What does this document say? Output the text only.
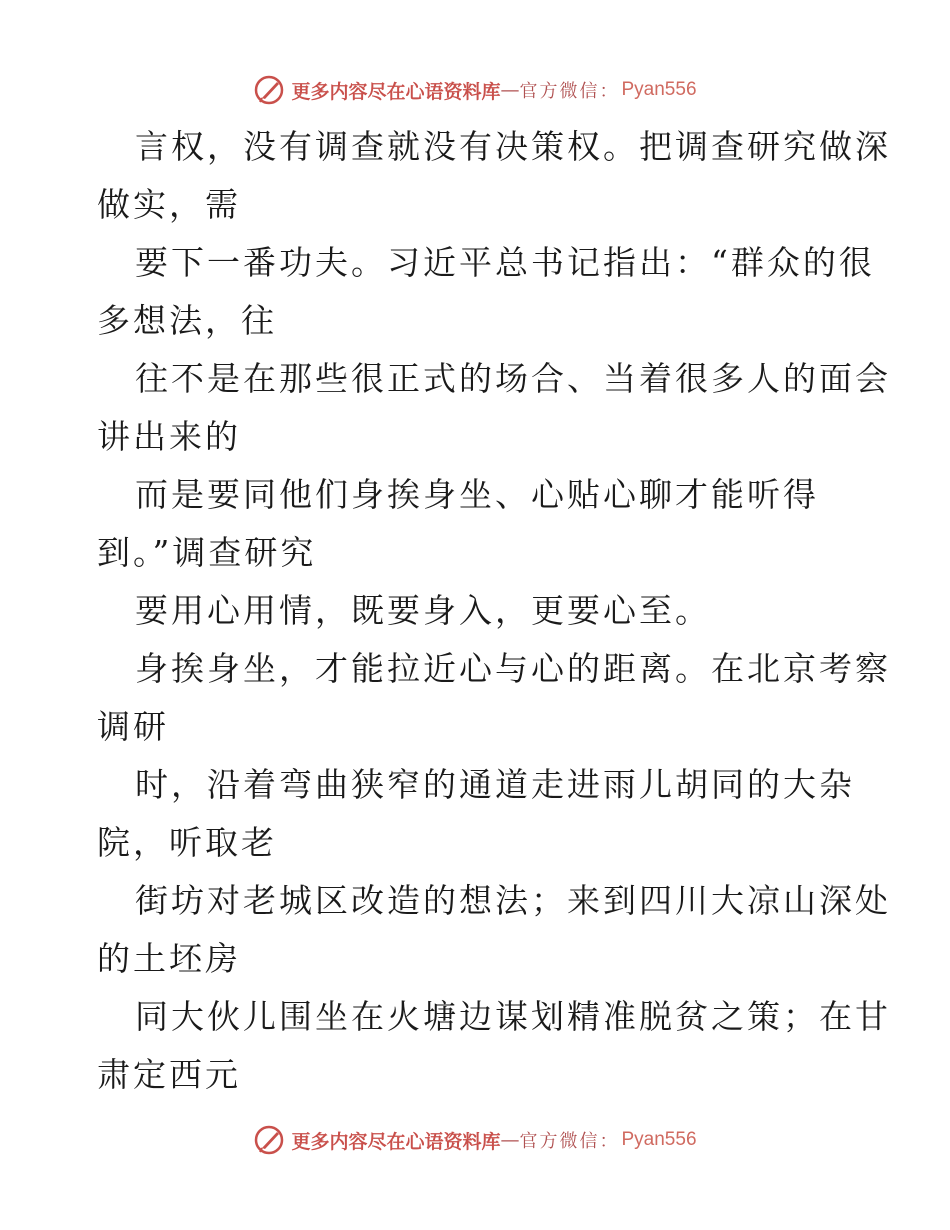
更多内容尽在心语资料库 — 官方微信： Pyan556
言权，没有调查就没有决策权。把调查研究做深
做实，需
要下一番功夫。习近平总书记指出：“群众的很
多想法，往
往不是在那些很正式的场合、当着很多人的面会
讲出来的
而是要同他们身挨身坐、心贴心聊才能听得
到。”调查研究
要用心用情，既要身入，更要心至。
身挨身坐，才能拉近心与心的距离。在北京考察
调研
时，沿着弯曲狭窄的通道走进雨儿胡同的大杂
院，听取老
街坊对老城区改造的想法；来到四川大凉山深处
的土坯房
同大伙儿围坐在火塘边谋划精准脱贫之策；在甘
肃定西元
更多内容尽在心语资料库 — 官方微信： Pyan556
